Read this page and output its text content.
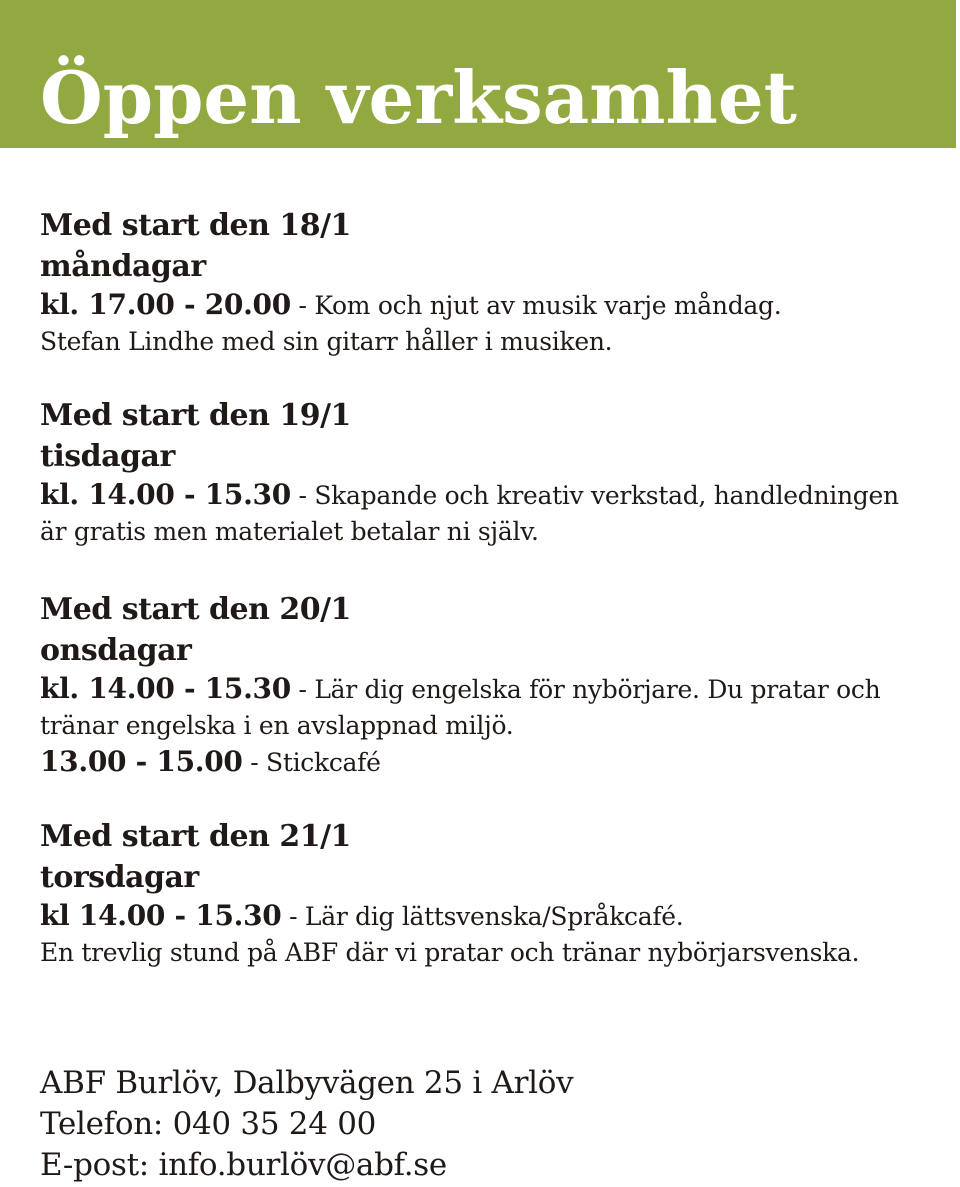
Öppen verksamhet
Med start den 18/1
måndagar
kl. 17.00 - 20.00 - Kom och njut av musik varje måndag.
Stefan Lindhe med sin gitarr håller i musiken.
Med start den 19/1
tisdagar
kl. 14.00 - 15.30 - Skapande och kreativ verkstad, handledningen
är gratis men materialet betalar ni själv.
Med start den 20/1
onsdagar
kl. 14.00 - 15.30 - Lär dig engelska för nybörjare. Du pratar och
tränar engelska i en avslappnad miljö.
13.00 - 15.00 - Stickcafé
Med start den 21/1
torsdagar
kl 14.00 - 15.30 - Lär dig lättsvenska/Språkcafé.
En trevlig stund på ABF där vi pratar och tränar nybörjarsvenska.
ABF Burlöv, Dalbyvägen 25 i Arlöv
Telefon: 040 35 24 00
E-post: info.burlöv@abf.se
